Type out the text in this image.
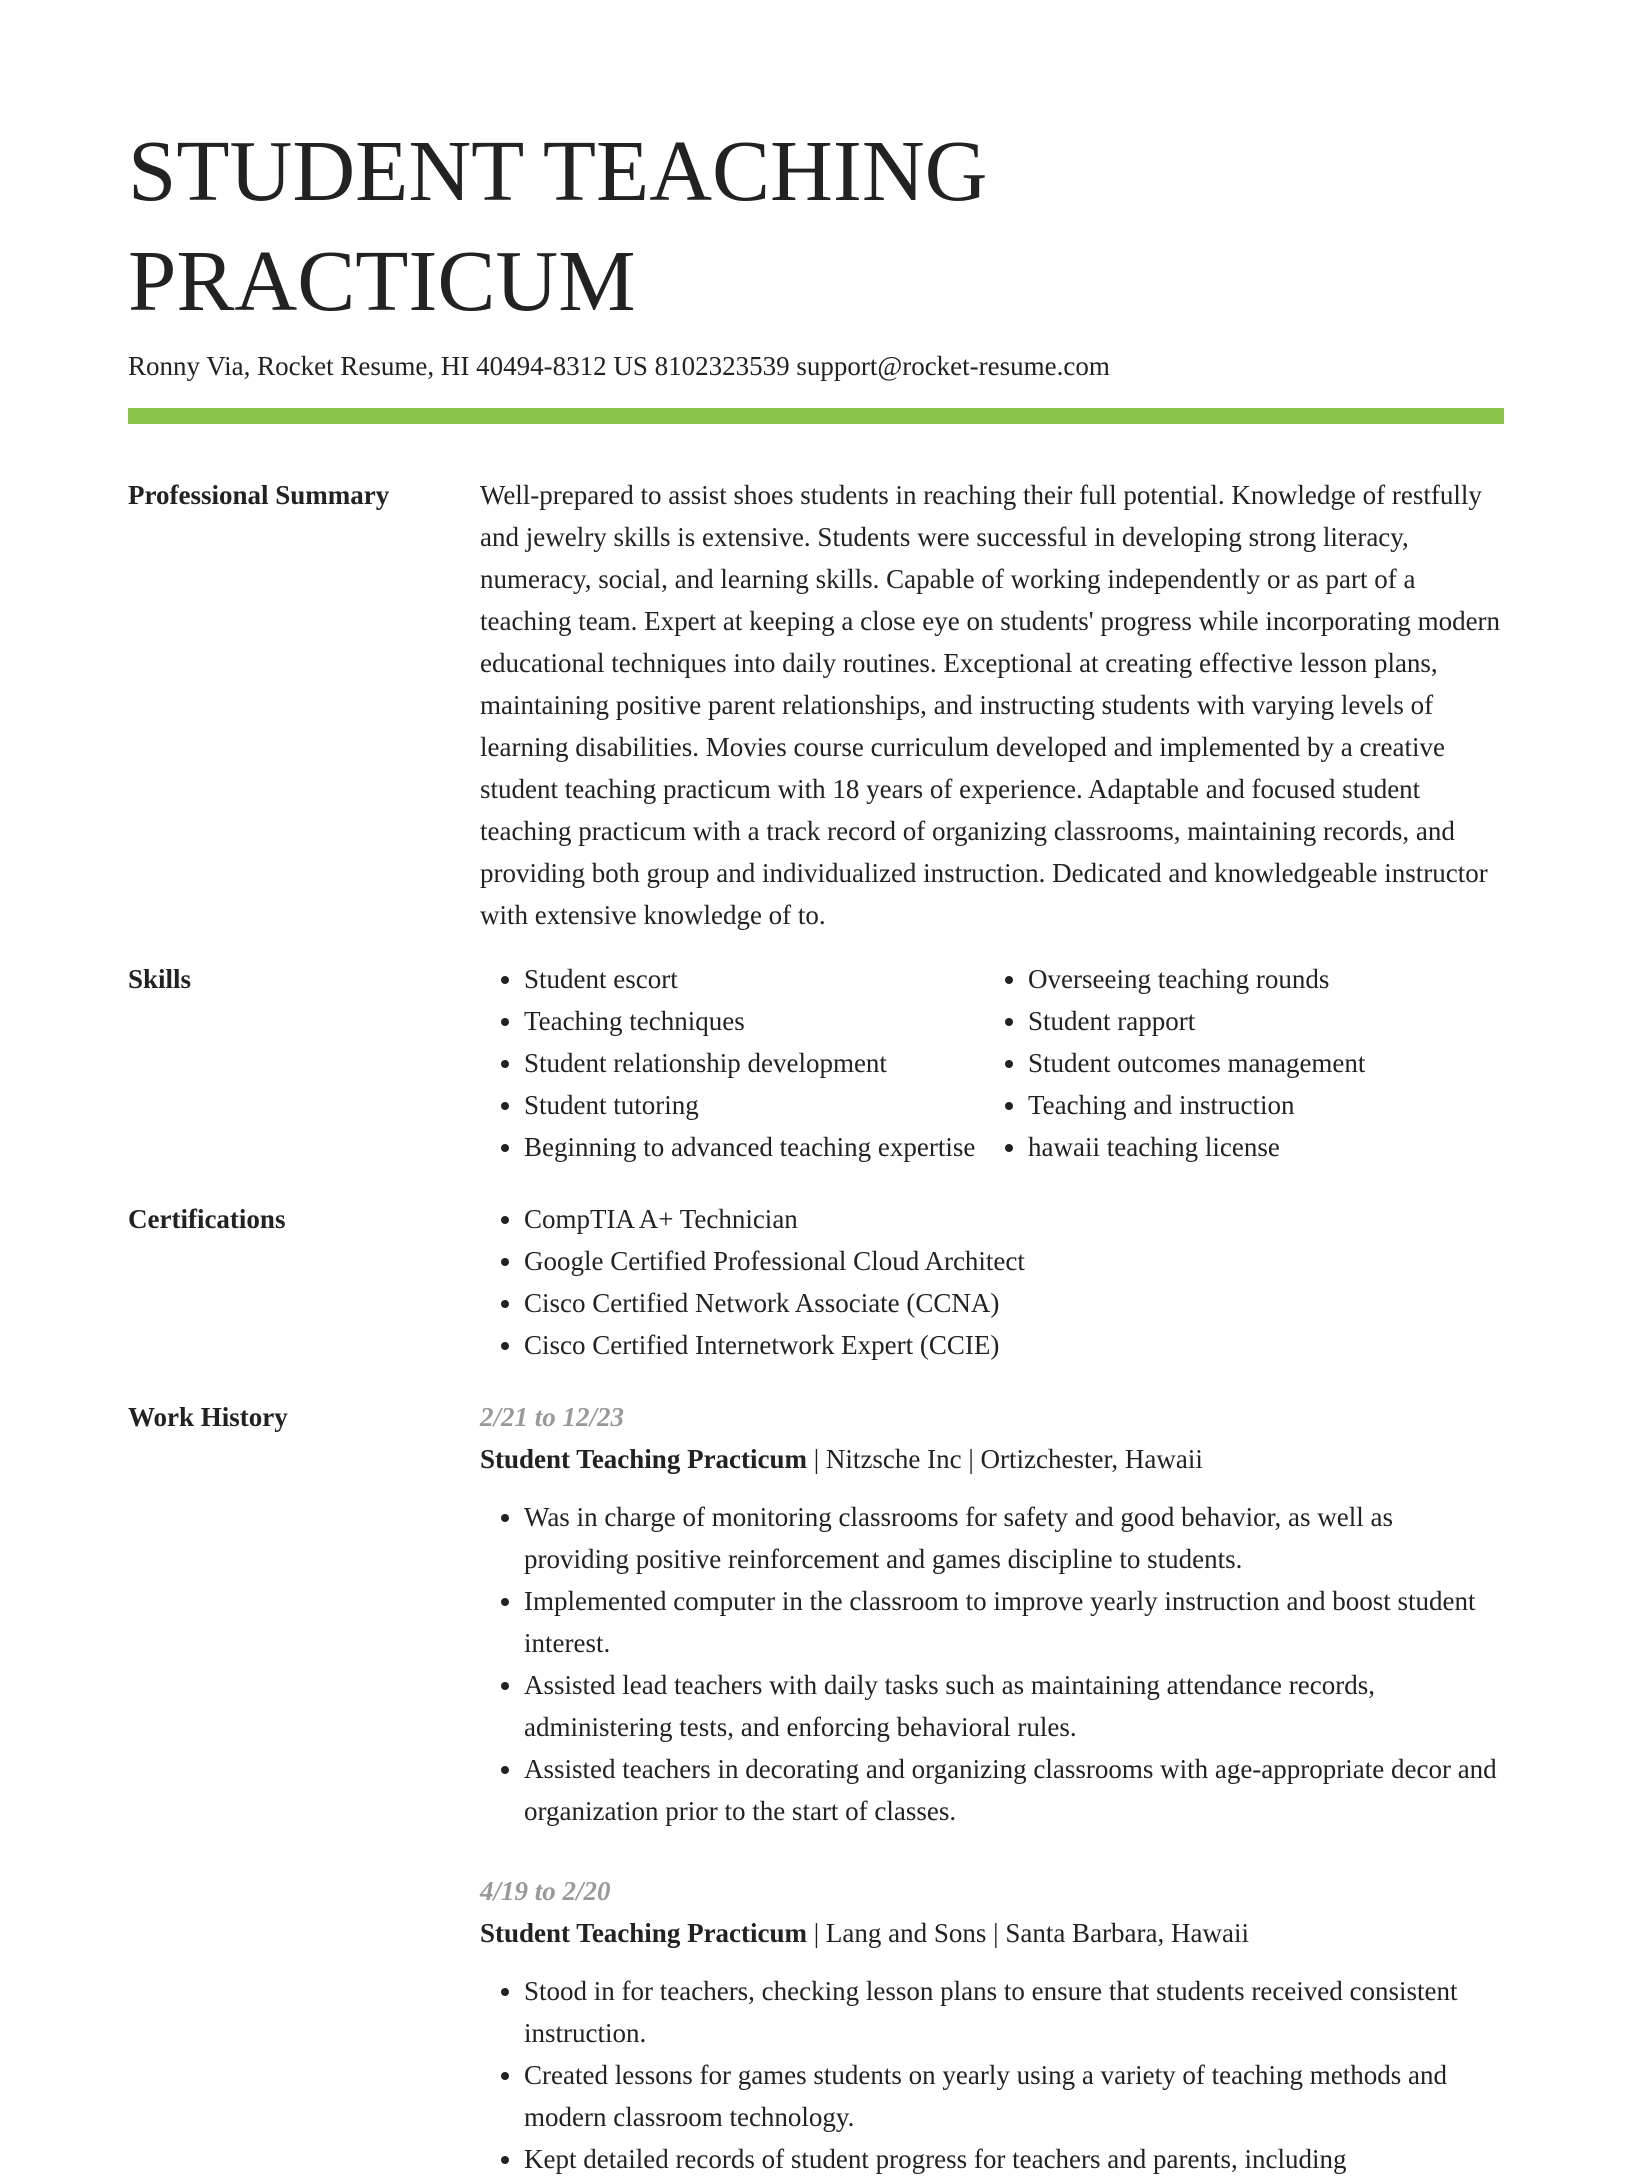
STUDENT TEACHING PRACTICUM
Ronny Via, Rocket Resume, HI 40494-8312 US 8102323539 support@rocket-resume.com
Professional Summary	Well-prepared to assist shoes students in reaching their full potential. Knowledge of restfully and jewelry skills is extensive. Students were successful in developing strong literacy, numeracy, social, and learning skills. Capable of working independently or as part of a teaching team. Expert at keeping a close eye on students' progress while incorporating modern educational techniques into daily routines. Exceptional at creating effective lesson plans, maintaining positive parent relationships, and instructing students with varying levels of learning disabilities. Movies course curriculum developed and implemented by a creative student teaching practicum with 18 years of experience. Adaptable and focused student teaching practicum with a track record of organizing classrooms, maintaining records, and providing both group and individualized instruction. Dedicated and knowledgeable instructor with extensive knowledge of to.

Skills	• Student escort
• Teaching techniques
• Student relationship development
• Student tutoring
• Beginning to advanced teaching expertise
• Overseeing teaching rounds
• Student rapport
• Student outcomes management
• Teaching and instruction
• hawaii teaching license
Certifications	• CompTIA A+ Technician
• Google Certified Professional Cloud Architect
• Cisco Certified Network Associate (CCNA)
• Cisco Certified Internetwork Expert (CCIE)
Work History	2/21 to 12/23
Student Teaching Practicum | Nitzsche Inc | Ortizchester, Hawaii
• Was in charge of monitoring classrooms for safety and good behavior, as well as providing positive reinforcement and games discipline to students.
• Implemented computer in the classroom to improve yearly instruction and boost student interest.
• Assisted lead teachers with daily tasks such as maintaining attendance records, administering tests, and enforcing behavioral rules.
• Assisted teachers in decorating and organizing classrooms with age-appropriate decor and organization prior to the start of classes.
4/19 to 2/20
Student Teaching Practicum | Lang and Sons | Santa Barbara, Hawaii
• Stood in for teachers, checking lesson plans to ensure that students received consistent instruction.
• Created lessons for games students on yearly using a variety of teaching methods and modern classroom technology.
• Kept detailed records of student progress for teachers and parents, including
